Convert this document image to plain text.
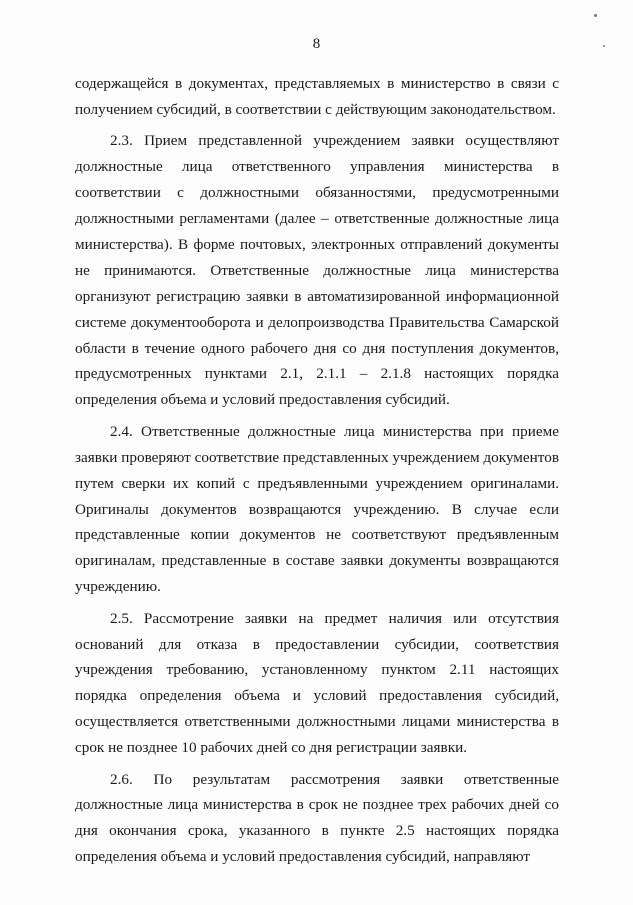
8

содержащейся в документах, представляемых в министерство в связи с получением субсидий, в соответствии с действующим законодательством.

2.3. Прием представленной учреждением заявки осуществляют должностные лица ответственного управления министерства в соответствии с должностными обязанностями, предусмотренными должностными регламентами (далее – ответственные должностные лица министерства). В форме почтовых, электронных отправлений документы не принимаются. Ответственные должностные лица министерства организуют регистрацию заявки в автоматизированной информационной системе документооборота и делопроизводства Правительства Самарской области в течение одного рабочего дня со дня поступления документов, предусмотренных пунктами 2.1, 2.1.1 – 2.1.8 настоящих порядка определения объема и условий предоставления субсидий.

2.4. Ответственные должностные лица министерства при приеме заявки проверяют соответствие представленных учреждением документов путем сверки их копий с предъявленными учреждением оригиналами. Оригиналы документов возвращаются учреждению. В случае если представленные копии документов не соответствуют предъявленным оригиналам, представленные в составе заявки документы возвращаются учреждению.

2.5. Рассмотрение заявки на предмет наличия или отсутствия оснований для отказа в предоставлении субсидии, соответствия учреждения требованию, установленному пунктом 2.11 настоящих порядка определения объема и условий предоставления субсидий, осуществляется ответственными должностными лицами министерства в срок не позднее 10 рабочих дней со дня регистрации заявки.

2.6. По результатам рассмотрения заявки ответственные должностные лица министерства в срок не позднее трех рабочих дней со дня окончания срока, указанного в пункте 2.5 настоящих порядка определения объема и условий предоставления субсидий, направляют
